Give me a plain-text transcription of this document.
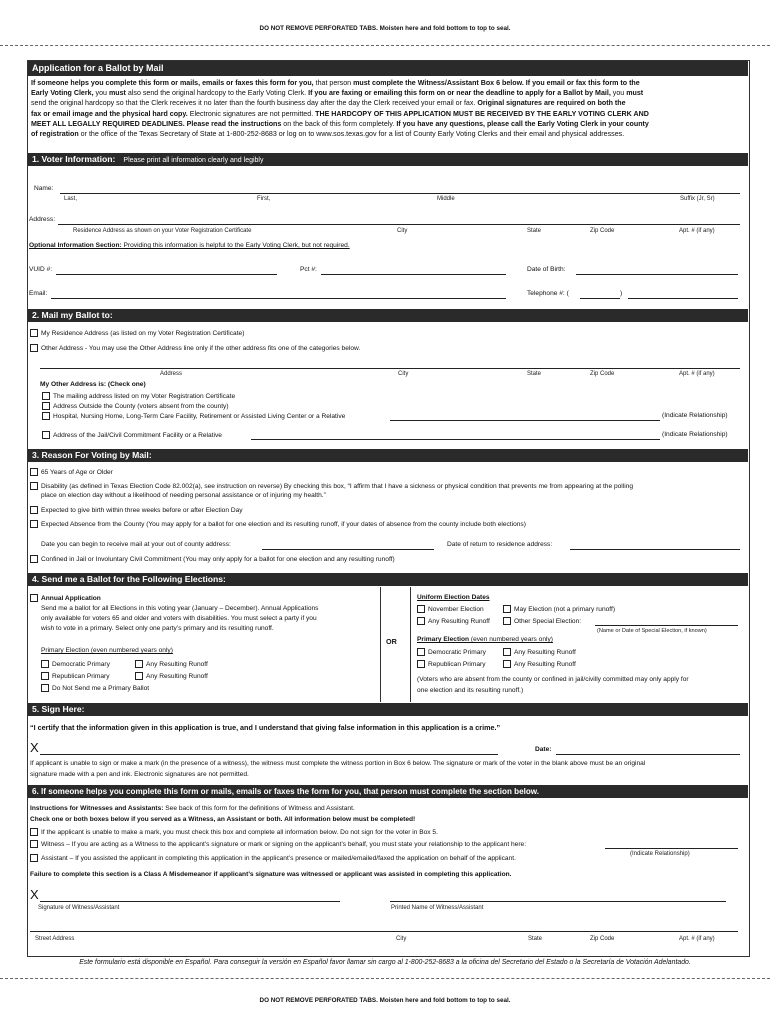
DO NOT REMOVE PERFORATED TABS. Moisten here and fold bottom to top to seal.
Application for a Ballot by Mail
If someone helps you complete this form or mails, emails or faxes this form for you, that person must complete the Witness/Assistant Box 6 below. If you email or fax this form to the
Early Voting Clerk, you must also send the original hardcopy to the Early Voting Clerk. If you are faxing or emailing this form on or near the deadline to apply for a Ballot by Mail, you must
send the original hardcopy so that the Clerk receives it no later than the fourth business day after the day the Clerk received your email or fax. Original signatures are required on both the
fax or email image and the physical hard copy. Electronic signatures are not permitted. THE HARDCOPY OF THIS APPLICATION MUST BE RECEIVED BY THE EARLY VOTING CLERK AND
MEET ALL LEGALLY REQUIRED DEADLINES. Please read the instructions on the back of this form completely. If you have any questions, please call the Early Voting Clerk in your county
of registration or the office of the Texas Secretary of State at 1-800-252-8683 or log on to www.sos.texas.gov for a list of County Early Voting Clerks and their email and physical addresses.
1. Voter Information: Please print all information clearly and legibly
Name:
Last,	First,	Middle	Suffix (Jr, Sr)
Address:
Residence Address as shown on your Voter Registration Certificate	City	State	Zip Code	Apt. # (if any)
Optional Information Section: Providing this information is helpful to the Early Voting Clerk, but not required.
VUID #:	Pct #:	Date of Birth:
Email:	Telephone #: (	)
2. Mail my Ballot to:
My Residence Address (as listed on my Voter Registration Certificate)
Other Address - You may use the Other Address line only if the other address fits one of the categories below.
Address	City	State	Zip Code	Apt. # (if any)
My Other Address is: (Check one)
The mailing address listed on my Voter Registration Certificate
Address Outside the County (voters absent from the county)
Hospital, Nursing Home, Long-Term Care Facility, Retirement or Assisted Living Center or a Relative	(Indicate Relationship)
Address of the Jail/Civil Commitment Facility or a Relative	(Indicate Relationship)
3. Reason For Voting by Mail:
65 Years of Age or Older
Disability (as defined in Texas Election Code 82.002(a), see instruction on reverse) By checking this box, “I affirm that I have a sickness or physical condition that prevents me from appearing at the polling
place on election day without a likelihood of needing personal assistance or of injuring my health.”
Expected to give birth within three weeks before or after Election Day
Expected Absence from the County (You may apply for a ballot for one election and its resulting runoff, if your dates of absence from the county include both elections)
Date you can begin to receive mail at your out of county address:	Date of return to residence address:
Confined in Jail or Involuntary Civil Commitment (You may only apply for a ballot for one election and any resulting runoff)
4. Send me a Ballot for the Following Elections:
Annual Application
Send me a ballot for all Elections in this voting year (January – December). Annual Applications
only available for voters 65 and older and voters with disabilities. You must select a party if you
wish to vote in a primary. Select only one party’s primary and its resulting runoff.
Primary Election (even numbered years only)
Democratic Primary	Any Resulting Runoff
Republican Primary	Any Resulting Runoff
Do Not Send me a Primary Ballot
OR
Uniform Election Dates
November Election	May Election (not a primary runoff)
Any Resulting Runoff	Other Special Election:
(Name or Date of Special Election, if known)
Primary Election (even numbered years only)
Democratic Primary	Any Resulting Runoff
Republican Primary	Any Resulting Runoff
(Voters who are absent from the county or confined in jail/civilly committed may only apply for
one election and its resulting runoff.)
5. Sign Here:
“I certify that the information given in this application is true, and I understand that giving false information in this application is a crime.”
X	Date:
If applicant is unable to sign or make a mark (in the presence of a witness), the witness must complete the witness portion in Box 6 below. The signature or mark of the voter in the blank above must be an original
signature made with a pen and ink. Electronic signatures are not permitted.
6. If someone helps you complete this form or mails, emails or faxes the form for you, that person must complete the section below.
Instructions for Witnesses and Assistants: See back of this form for the definitions of Witness and Assistant.
Check one or both boxes below if you served as a Witness, an Assistant or both. All information below must be completed!
If the applicant is unable to make a mark, you must check this box and complete all information below. Do not sign for the voter in Box 5.
Witness – If you are acting as a Witness to the applicant’s signature or mark or signing on the applicant’s behalf, you must state your relationship to the applicant here:
(Indicate Relationship)
Assistant – If you assisted the applicant in completing this application in the applicant’s presence or mailed/emailed/faxed the application on behalf of the applicant.
Failure to complete this section is a Class A Misdemeanor if applicant’s signature was witnessed or applicant was assisted in completing this application.
X
Signature of Witness/Assistant	Printed Name of Witness/Assistant
Street Address	City	State	Zip Code	Apt. # (if any)
Este formulario está disponible en Español. Para conseguir la versión en Español favor llamar sin cargo al 1-800-252-8683 a la oficina del Secretario del Estado o la Secretaría de Votación Adelantado.
DO NOT REMOVE PERFORATED TABS. Moisten here and fold bottom to top to seal.
